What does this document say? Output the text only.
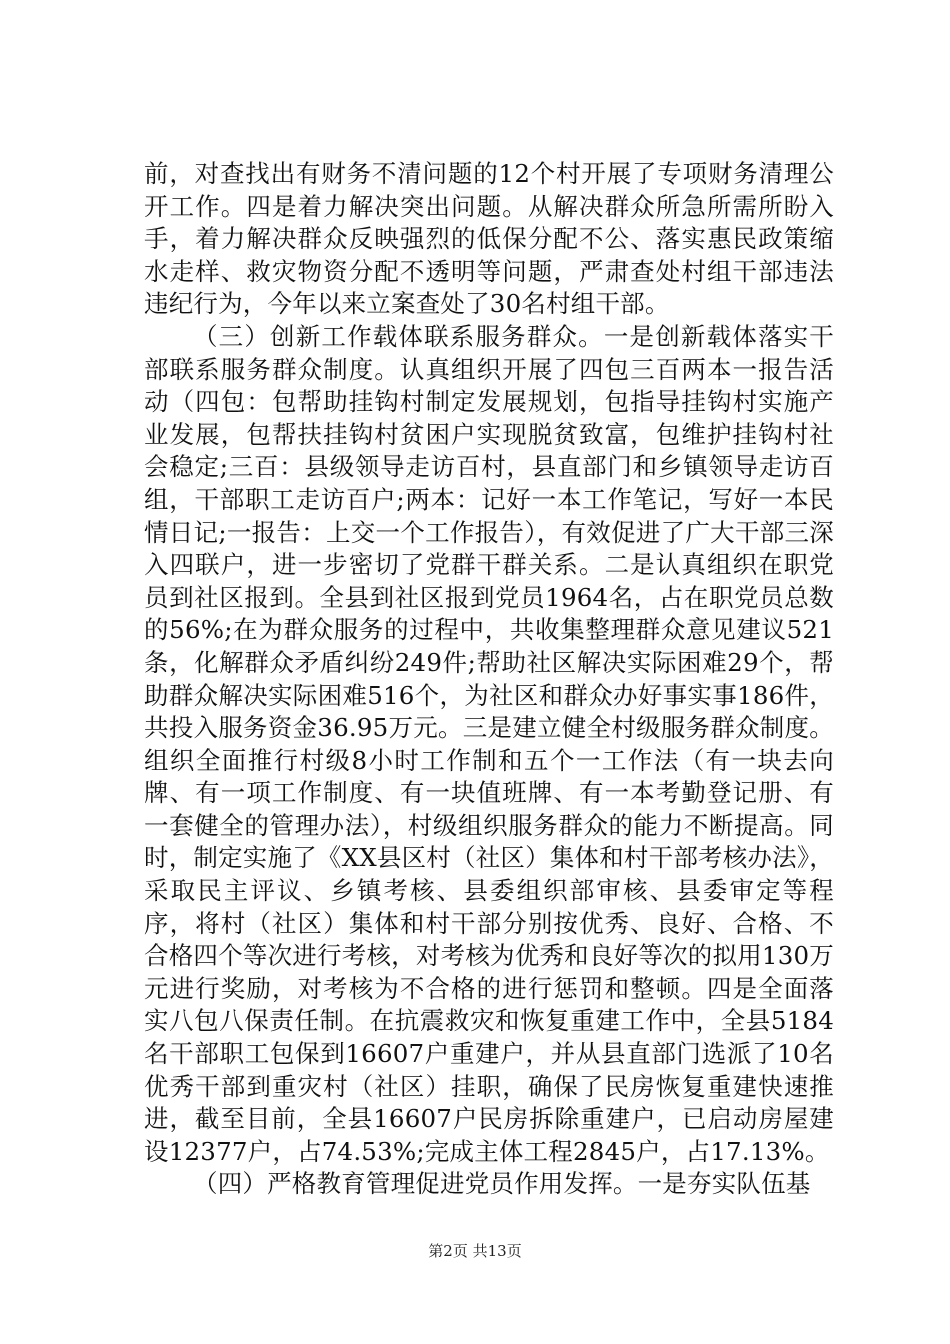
前，对查找出有财务不清问题的12个村开展了专项财务清理公开工作。四是着力解决突出问题。从解决群众所急所需所盼入手，着力解决群众反映强烈的低保分配不公、落实惠民政策缩水走样、救灾物资分配不透明等问题，严肃查处村组干部违法违纪行为，今年以来立案查处了30名村组干部。

（三）创新工作载体联系服务群众。一是创新载体落实干部联系服务群众制度。认真组织开展了四包三百两本一报告活动（四包：包帮助挂钩村制定发展规划，包指导挂钩村实施产业发展，包帮扶挂钩村贫困户实现脱贫致富，包维护挂钩村社会稳定;三百：县级领导走访百村，县直部门和乡镇领导走访百组，干部职工走访百户;两本：记好一本工作笔记，写好一本民情日记;一报告：上交一个工作报告），有效促进了广大干部三深入四联户，进一步密切了党群干群关系。二是认真组织在职党员到社区报到。全县到社区报到党员1964名，占在职党员总数的56%;在为群众服务的过程中，共收集整理群众意见建议521条，化解群众矛盾纠纷249件;帮助社区解决实际困难29个，帮助群众解决实际困难516个，为社区和群众办好事实事186件，共投入服务资金36.95万元。三是建立健全村级服务群众制度。组织全面推行村级8小时工作制和五个一工作法（有一块去向牌、有一项工作制度、有一块值班牌、有一本考勤登记册、有一套健全的管理办法），村级组织服务群众的能力不断提高。同时，制定实施了《XX县区村（社区）集体和村干部考核办法》，采取民主评议、乡镇考核、县委组织部审核、县委审定等程序，将村（社区）集体和村干部分别按优秀、良好、合格、不合格四个等次进行考核，对考核为优秀和良好等次的拟用130万元进行奖励，对考核为不合格的进行惩罚和整顿。四是全面落实八包八保责任制。在抗震救灾和恢复重建工作中，全县5184名干部职工包保到16607户重建户，并从县直部门选派了10名优秀干部到重灾村（社区）挂职，确保了民房恢复重建快速推进，截至目前，全县16607户民房拆除重建户，已启动房屋建设12377户，占74.53%;完成主体工程2845户，占17.13%。

（四）严格教育管理促进党员作用发挥。一是夯实队伍基

第2页 共13页
